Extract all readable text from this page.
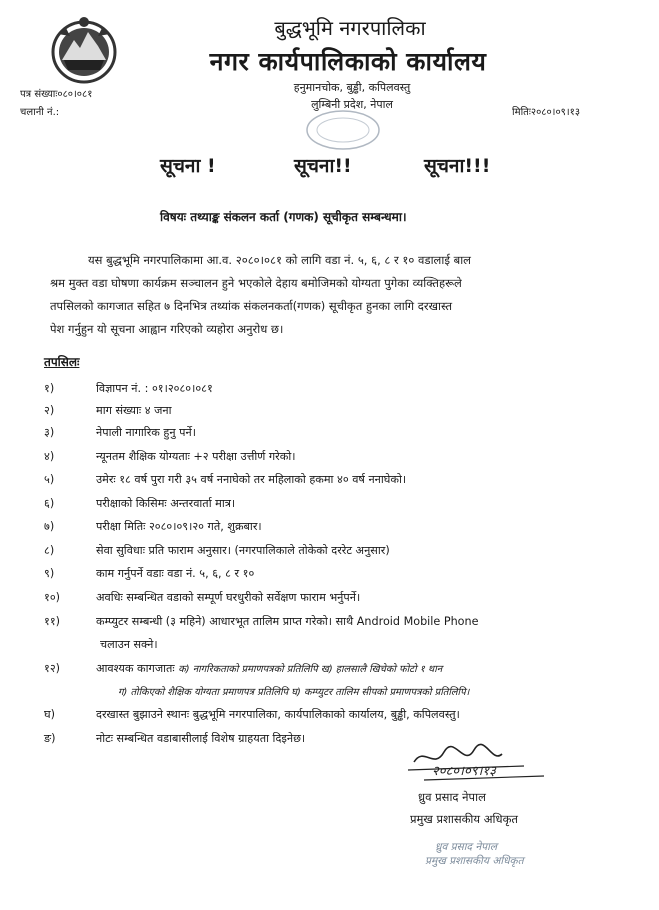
बुद्धभूमि नगरपालिका
नगर कार्यपालिकाको कार्यालय
हनुमानचोक, बुड्ढी, कपिलवस्तु
लुम्बिनी प्रदेश, नेपाल
पत्र संख्याः०८०।०८१
चलानी नं.:	मितिः२०८०।०९।१३
सूचना !	सूचना!!	सूचना!!!
विषयः तथ्याङ्क संकलन कर्ता (गणक) सूचीकृत सम्बन्धमा।
यस बुद्धभूमि नगरपालिकामा आ.व. २०८०।०८१ को लागि वडा नं. ५, ६, ८ र १० वडालाई बाल
श्रम मुक्त वडा घोषणा कार्यक्रम सञ्चालन हुने भएकोले देहाय बमोजिमको योग्यता पुगेका व्यक्तिहरूले
तपसिलको कागजात सहित ७ दिनभित्र तथ्यांक संकलनकर्ता(गणक) सूचीकृत हुनका लागि दरखास्त
पेश गर्नुहुन यो सूचना आह्वान गरिएको व्यहोरा अनुरोध छ।
तपसिलः
१)	विज्ञापन नं. : ०१।२०८०।०८१
२)	माग संख्याः ४ जना
३)	नेपाली नागारिक हुनु पर्ने।
४)	न्यूनतम शैक्षिक योग्यताः +२ परीक्षा उत्तीर्ण गरेको।
५)	उमेरः १८ वर्ष पुरा गरी ३५ वर्ष ननाघेको तर महिलाको हकमा ४० वर्ष ननाघेको।
६)	परीक्षाको किसिमः अन्तरवार्ता मात्र।
७)	परीक्षा मितिः २०८०।०९।२० गते, शुक्रबार।
८)	सेवा सुविधाः प्रति फाराम अनुसार। (नगरपालिकाले तोकेको दररेट अनुसार)
९)	काम गर्नुपर्ने वडाः वडा नं. ५, ६, ८ र १०
१०)	अवधिः सम्बन्धित वडाको सम्पूर्ण घरधुरीको सर्वेक्षण फाराम भर्नुपर्ने।
११)	कम्प्युटर सम्बन्धी (३ महिने) आधारभूत तालिम प्राप्त गरेको। साथै Android Mobile Phone
चलाउन सक्ने।
१२)	आवश्यक कागजातः क) नागरिकताको प्रमाणपत्रको प्रतिलिपि ख) हालसालै खिचेको फोटो १ थान
ग) तोकिएको शैक्षिक योग्यता प्रमाणपत्र प्रतिलिपि घ) कम्प्युटर तालिम सीपको प्रमाणपत्रको प्रतिलिपि।
घ)	दरखास्त बुझाउने स्थानः बुद्धभूमि नगरपालिका, कार्यपालिकाको कार्यालय, बुड्ढी, कपिलवस्तु।
ङ)	नोटः सम्बन्धित वडाबासीलाई विशेष ग्राहयता दिइनेछ।
२०८०।०९।१३
ध्रुव प्रसाद नेपाल
प्रमुख प्रशासकीय अधिकृत
ध्रुव प्रसाद नेपाल
प्रमुख प्रशासकीय अधिकृत
